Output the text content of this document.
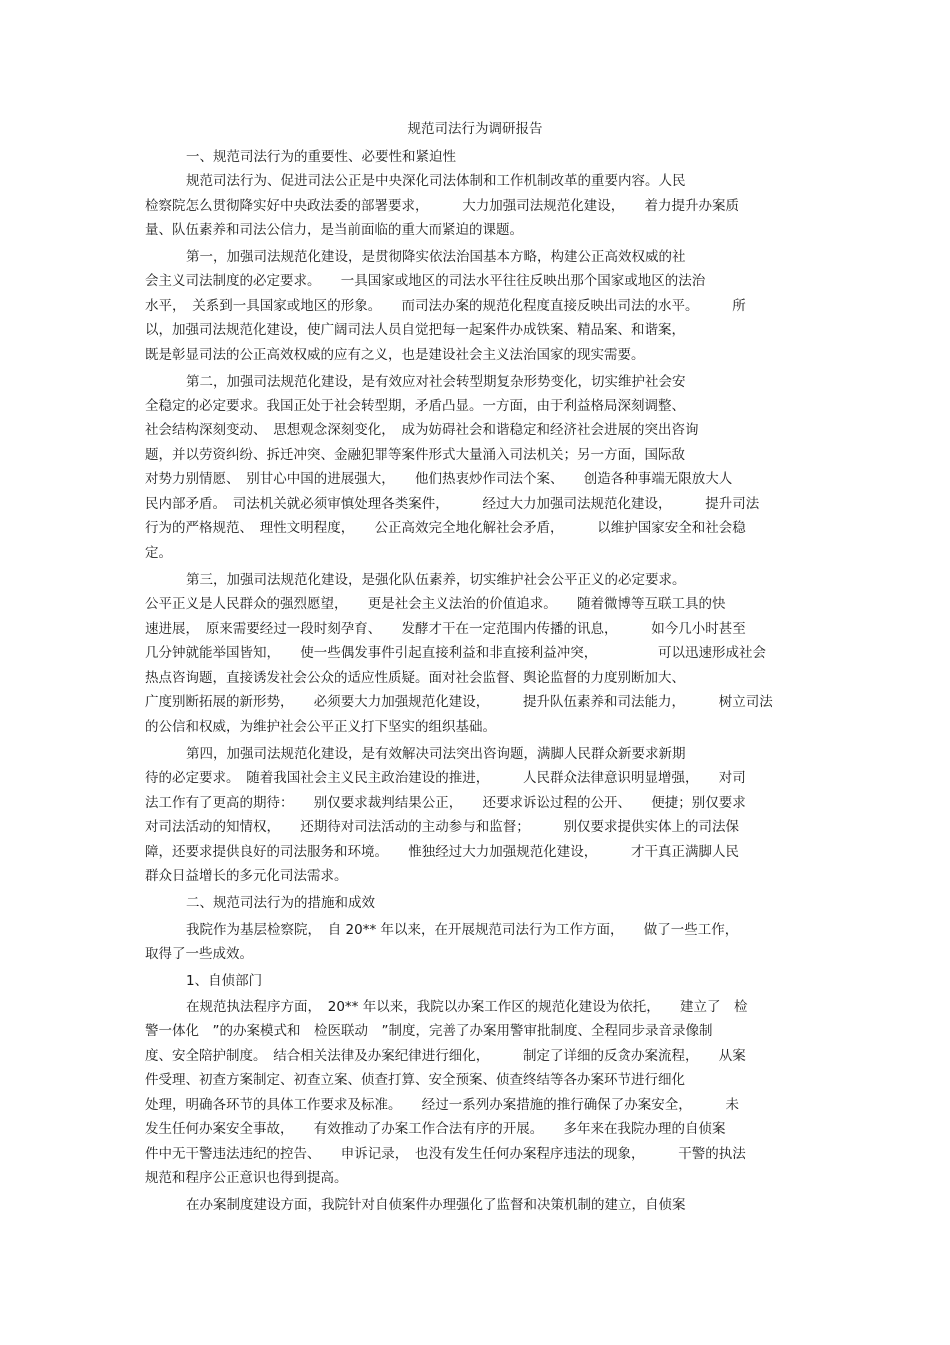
规范司法行为调研报告
一、规范司法行为的重要性、必要性和紧迫性
规范司法行为、促进司法公正是中央深化司法体制和工作机制改革的重要内容。人民
检察院怎么贯彻降实好中央政法委的部署要求，　　　大力加强司法规范化建设，　　着力提升办案质
量、队伍素养和司法公信力，是当前面临的重大而紧迫的课题。
第一，加强司法规范化建设，是贯彻降实依法治国基本方略，构建公正高效权威的社
会主义司法制度的必定要求。　　一具国家或地区的司法水平往往反映出那个国家或地区的法治
水平，　关系到一具国家或地区的形象。　　而司法办案的规范化程度直接反映出司法的水平。　　　所
以，加强司法规范化建设，使广阔司法人员自觉把每一起案件办成铁案、精品案、和谐案，
既是彰显司法的公正高效权威的应有之义，也是建设社会主义法治国家的现实需要。
第二，加强司法规范化建设，是有效应对社会转型期复杂形势变化，切实维护社会安
全稳定的必定要求。我国正处于社会转型期，矛盾凸显。一方面，由于利益格局深刻调整、
社会结构深刻变动、　思想观念深刻变化，　成为妨碍社会和谐稳定和经济社会进展的突出咨询
题，并以劳资纠纷、拆迁冲突、金融犯罪等案件形式大量涌入司法机关；另一方面，国际敌
对势力别情愿、　别甘心中国的进展强大，　　他们热衷炒作司法个案、　　创造各种事端无限放大人
民内部矛盾。　司法机关就必须审慎处理各类案件，　　　经过大力加强司法规范化建设，　　　提升司法
行为的严格规范、　理性文明程度，　　公正高效完全地化解社会矛盾，　　　以维护国家安全和社会稳
定。
第三，加强司法规范化建设，是强化队伍素养，切实维护社会公平正义的必定要求。
公平正义是人民群众的强烈愿望，　　更是社会主义法治的价值追求。　　随着微博等互联工具的快
速进展，　原来需要经过一段时刻孕育、　　发酵才干在一定范围内传播的讯息，　　　如今几小时甚至
几分钟就能举国皆知，　　使一些偶发事件引起直接利益和非直接利益冲突，　　　　　可以迅速形成社会
热点咨询题，直接诱发社会公众的适应性质疑。面对社会监督、舆论监督的力度别断加大、
广度别断拓展的新形势，　　必须要大力加强规范化建设，　　　提升队伍素养和司法能力，　　　树立司法
的公信和权威，为维护社会公平正义打下坚实的组织基础。
第四，加强司法规范化建设，是有效解决司法突出咨询题，满脚人民群众新要求新期
待的必定要求。　随着我国社会主义民主政治建设的推进，　　　人民群众法律意识明显增强，　　对司
法工作有了更高的期待：　　别仅要求裁判结果公正，　　还要求诉讼过程的公开、　　便捷；别仅要求
对司法活动的知情权，　　还期待对司法活动的主动参与和监督；　　　别仅要求提供实体上的司法保
障，还要求提供良好的司法服务和环境。　　惟独经过大力加强规范化建设，　　　才干真正满脚人民
群众日益增长的多元化司法需求。
二、规范司法行为的措施和成效
我院作为基层检察院，　自 20** 年以来，在开展规范司法行为工作方面，　　做了一些工作，
取得了一些成效。
1、自侦部门
在规范执法程序方面，　20** 年以来，我院以办案工作区的规范化建设为依托，　　建立了　检
警一体化　”的办案模式和　检医联动　”制度，完善了办案用警审批制度、全程同步录音录像制
度、安全陪护制度。　结合相关法律及办案纪律进行细化，　　　制定了详细的反贪办案流程，　　从案
件受理、初查方案制定、初查立案、侦查打算、安全预案、侦查终结等各办案环节进行细化
处理，明确各环节的具体工作要求及标准。　　经过一系列办案措施的推行确保了办案安全，　　　未
发生任何办案安全事故，　　有效推动了办案工作合法有序的开展。　　多年来在我院办理的自侦案
件中无干警违法违纪的控告、　　申诉记录，　也没有发生任何办案程序违法的现象，　　　干警的执法
规范和程序公正意识也得到提高。
在办案制度建设方面，我院针对自侦案件办理强化了监督和决策机制的建立，自侦案
